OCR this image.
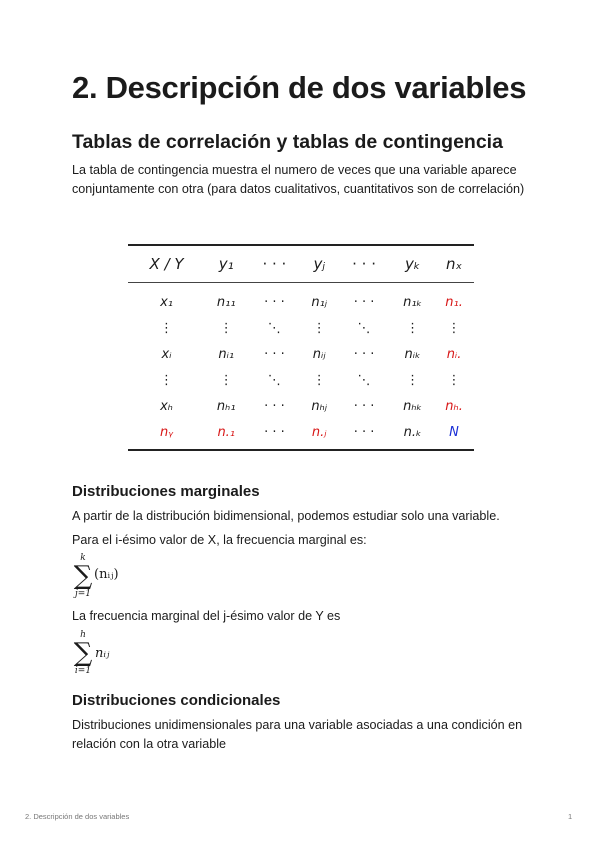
2. Descripción de dos variables
Tablas de correlación y tablas de contingencia

La tabla de contingencia muestra el numero de veces que una variable aparece conjuntamente con otra (para datos cualitativos, cuantitativos son de correlación)

X / Y	y₁	· · ·	yⱼ	· · ·	yₖ	nₓ
x₁	n₁₁	· · ·	n₁ⱼ	· · ·	n₁ₖ	n₁.
⋮	⋮	⋱	⋮	⋱	⋮	⋮
xᵢ	nᵢ₁	· · ·	nᵢⱼ	· · ·	nᵢₖ	nᵢ.
⋮	⋮	⋱	⋮	⋱	⋮	⋮
xₕ	nₕ₁	· · ·	nₕⱼ	· · ·	nₕₖ	nₕ.
nᵧ	n.₁	· · ·	n.ⱼ	· · ·	n.ₖ	N
Distribuciones marginales

A partir de la distribución bidimensional, podemos estudiar solo una variable.

Para el i-ésimo valor de X, la frecuencia marginal es:

k
∑
j=1
(nᵢⱼ)

La frecuencia marginal del j-ésimo valor de Y es

h
∑
i=1
nᵢⱼ
Distribuciones condicionales

Distribuciones unidimensionales para una variable asociadas a una condición en relación con la otra variable

2. Descripción de dos variables	1
